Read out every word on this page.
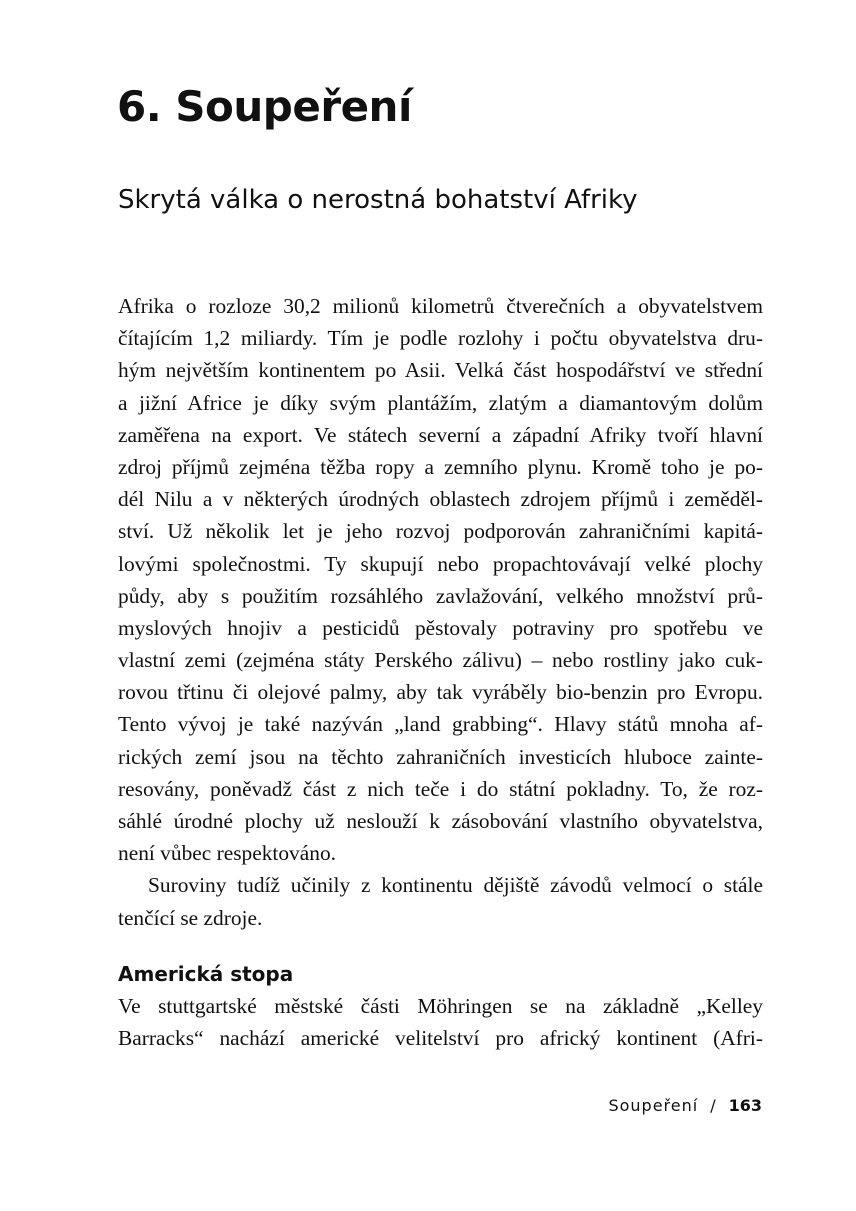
6. Soupeření
Skrytá válka o nerostná bohatství Afriky
Afrika o rozloze 30,2 milionů kilometrů čtverečních a obyvatelstvem
čítajícím 1,2 miliardy. Tím je podle rozlohy i počtu obyvatelstva dru-
hým největším kontinentem po Asii. Velká část hospodářství ve střední
a jižní Africe je díky svým plantážím, zlatým a diamantovým dolům
zaměřena na export. Ve státech severní a západní Afriky tvoří hlavní
zdroj příjmů zejména těžba ropy a zemního plynu. Kromě toho je po-
dél Nilu a v některých úrodných oblastech zdrojem příjmů i zeměděl-
ství. Už několik let je jeho rozvoj podporován zahraničními kapitá-
lovými společnostmi. Ty skupují nebo propachtovávají velké plochy
půdy, aby s použitím rozsáhlého zavlažování, velkého množství prů-
myslových hnojiv a pesticidů pěstovaly potraviny pro spotřebu ve
vlastní zemi (zejména státy Perského zálivu) – nebo rostliny jako cuk-
rovou třtinu či olejové palmy, aby tak vyráběly bio-benzin pro Evropu.
Tento vývoj je také nazýván „land grabbing“. Hlavy států mnoha af-
rických zemí jsou na těchto zahraničních investicích hluboce zainte-
resovány, poněvadž část z nich teče i do státní pokladny. To, že roz-
sáhlé úrodné plochy už neslouží k zásobování vlastního obyvatelstva,
není vůbec respektováno.
Suroviny tudíž učinily z kontinentu dějiště závodů velmocí o stále
tenčící se zdroje.
Americká stopa
Ve stuttgartské městské části Möhringen se na základně „Kelley
Barracks“ nachází americké velitelství pro africký kontinent (Afri-
Soupeření / 163
